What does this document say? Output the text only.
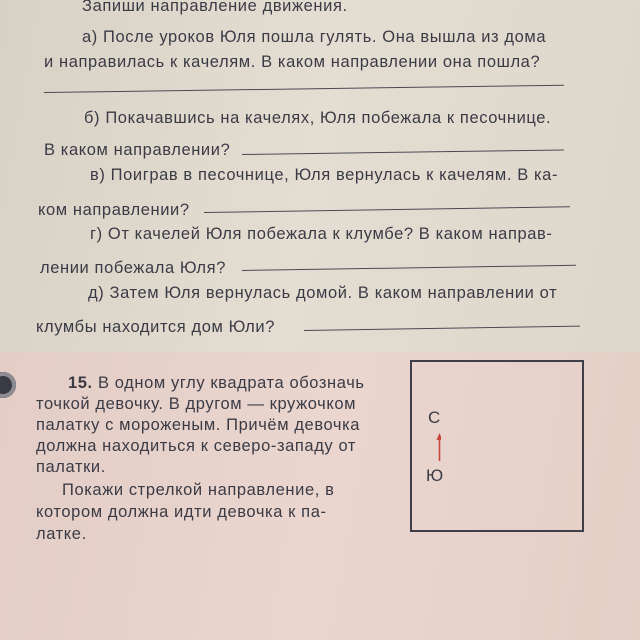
Запиши направление движения.
а) После уроков Юля пошла гулять. Она вышла из дома
и направилась к качелям. В каком направлении она пошла?
б) Покачавшись на качелях, Юля побежала к песочнице.
В каком направлении?
в) Поиграв в песочнице, Юля вернулась к качелям. В ка-
ком направлении?
г) От качелей Юля побежала к клумбе? В каком направ-
лении побежала Юля?
д) Затем Юля вернулась домой. В каком направлении от
клумбы находится дом Юли?
15. В одном углу квадрата обозначь
точкой девочку. В другом — кружочком
палатку с мороженым. Причём девочка
должна находиться к северо-западу от
палатки.
Покажи стрелкой направление, в
котором должна идти девочка к па-
латке.
С
Ю
